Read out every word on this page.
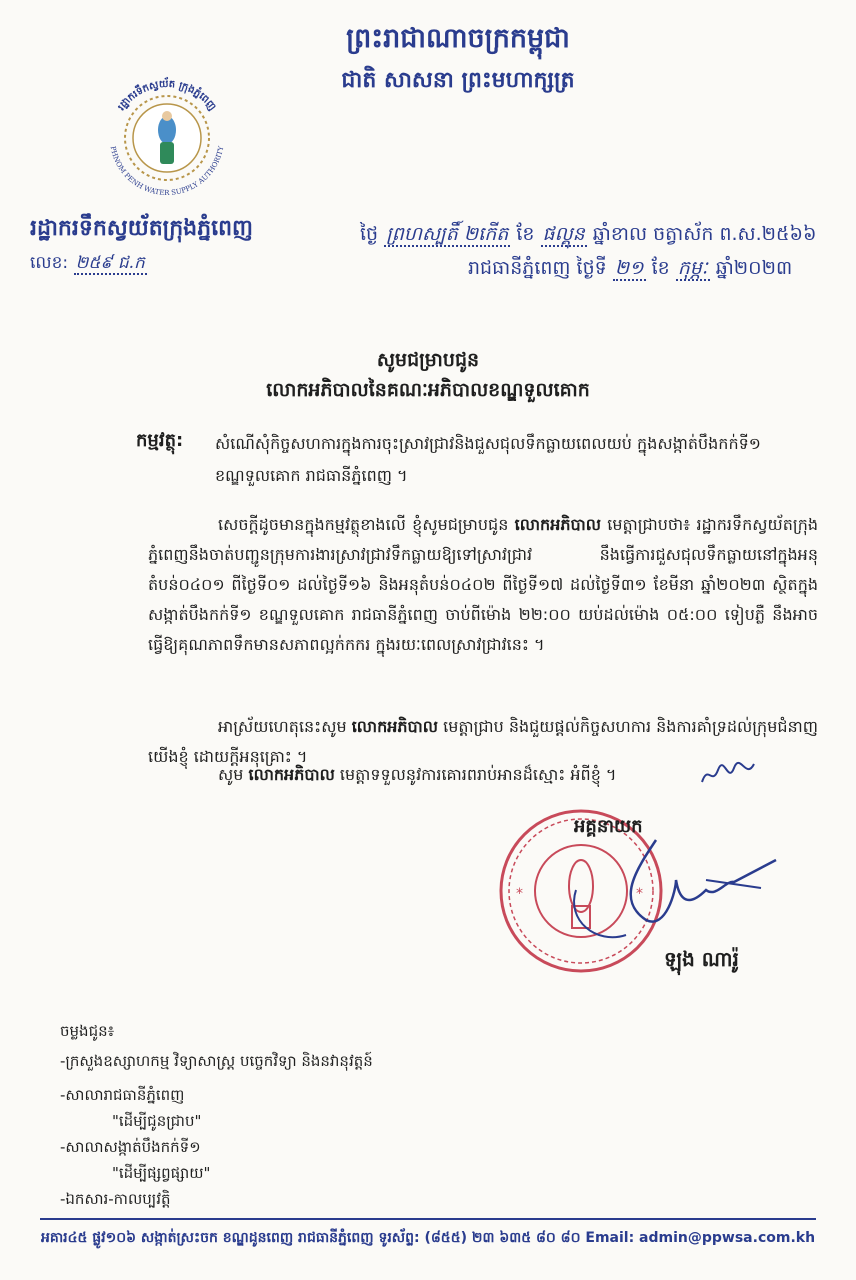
ព្រះរាជាណាចក្រកម្ពុជា
ជាតិ សាសនា ព្រះមហាក្សត្រ
រដ្ឋាករទឹកស្វយ័ត ក្រុងភ្នំពេញ
PHNOM PENH WATER SUPPLY AUTHORITY
រដ្ឋាករទឹកស្វយ័តក្រុងភ្នំពេញ
លេខ: ២៥៩ ជ.ក
ថ្ងៃ ព្រហស្បតិ៍ ២កើត ខែ ផល្គុន ឆ្នាំខាល ចត្វាស័ក ព.ស.២៥៦៦
រាជធានីភ្នំពេញ ថ្ងៃទី ២១ ខែ កុម្ភៈ ឆ្នាំ២០២៣
សូមជម្រាបជូន
លោកអភិបាលនៃគណៈអភិបាលខណ្ឌទួលគោក
កម្មវត្ថុ: សំណើសុំកិច្ចសហការក្នុងការចុះស្រាវជ្រាវនិងជួសជុលទឹកធ្លាយពេលយប់ ក្នុងសង្កាត់បឹងកក់ទី១ ខណ្ឌទួលគោក រាជធានីភ្នំពេញ ។
សេចក្តីដូចមានក្នុងកម្មវត្ថុខាងលើ ខ្ញុំសូមជម្រាបជូន លោកអភិបាល មេត្តាជ្រាបថា៖ រដ្ឋាករទឹកស្វយ័តក្រុងភ្នំពេញនឹងចាត់បញ្ជូនក្រុមការងារស្រាវជ្រាវទឹកធ្លាយឱ្យទៅស្រាវជ្រាវ នឹងធ្វើការជួសជុលទឹកធ្លាយនៅក្នុងអនុតំបន់០៤០១ ពីថ្ងៃទី០១ ដល់ថ្ងៃទី១៦ និងអនុតំបន់០៤០២ ពីថ្ងៃទី១៧ ដល់ថ្ងៃទី៣១ ខែមីនា ឆ្នាំ២០២៣ ស្ថិតក្នុងសង្កាត់បឹងកក់ទី១ ខណ្ឌទួលគោក រាជធានីភ្នំពេញ ចាប់ពីម៉ោង ២២:០០ យប់ដល់ម៉ោង ០៥:០០ ទៀបភ្លឺ នឹងអាចធ្វើឱ្យគុណភាពទឹកមានសភាពល្អក់កករ ក្នុងរយៈពេលស្រាវជ្រាវនេះ ។
អាស្រ័យហេតុនេះសូម លោកអភិបាល មេត្តាជ្រាប និងជួយផ្តល់កិច្ចសហការ និងការគាំទ្រដល់ក្រុមជំនាញយើងខ្ញុំ ដោយក្តីអនុគ្រោះ ។
សូម លោកអភិបាល មេត្តាទទួលនូវការគោរពរាប់អានដ៏ស្មោះ អំពីខ្ញុំ ។
*	*
អគ្គនាយក
ឡុង ណារ៉ូ
ចម្លងជូន៖
-ក្រសួងឧស្សាហកម្ម វិទ្យាសាស្ត្រ បច្ចេកវិទ្យា និងនវានុវត្តន៍
-សាលារាជធានីភ្នំពេញ
"ដើម្បីជូនជ្រាប"
-សាលាសង្កាត់បឹងកក់ទី១
"ដើម្បីផ្សព្វផ្សាយ"
-ឯកសារ-កាលប្បវត្តិ
អគារ៤៥ ផ្លូវ១០៦ សង្កាត់ស្រះចក ខណ្ឌដូនពេញ រាជធានីភ្នំពេញ ទូរស័ព្ទ: (៨៥៥) ២៣ ៦៣៥ ៨០ ៨០ Email: admin@ppwsa.com.kh
